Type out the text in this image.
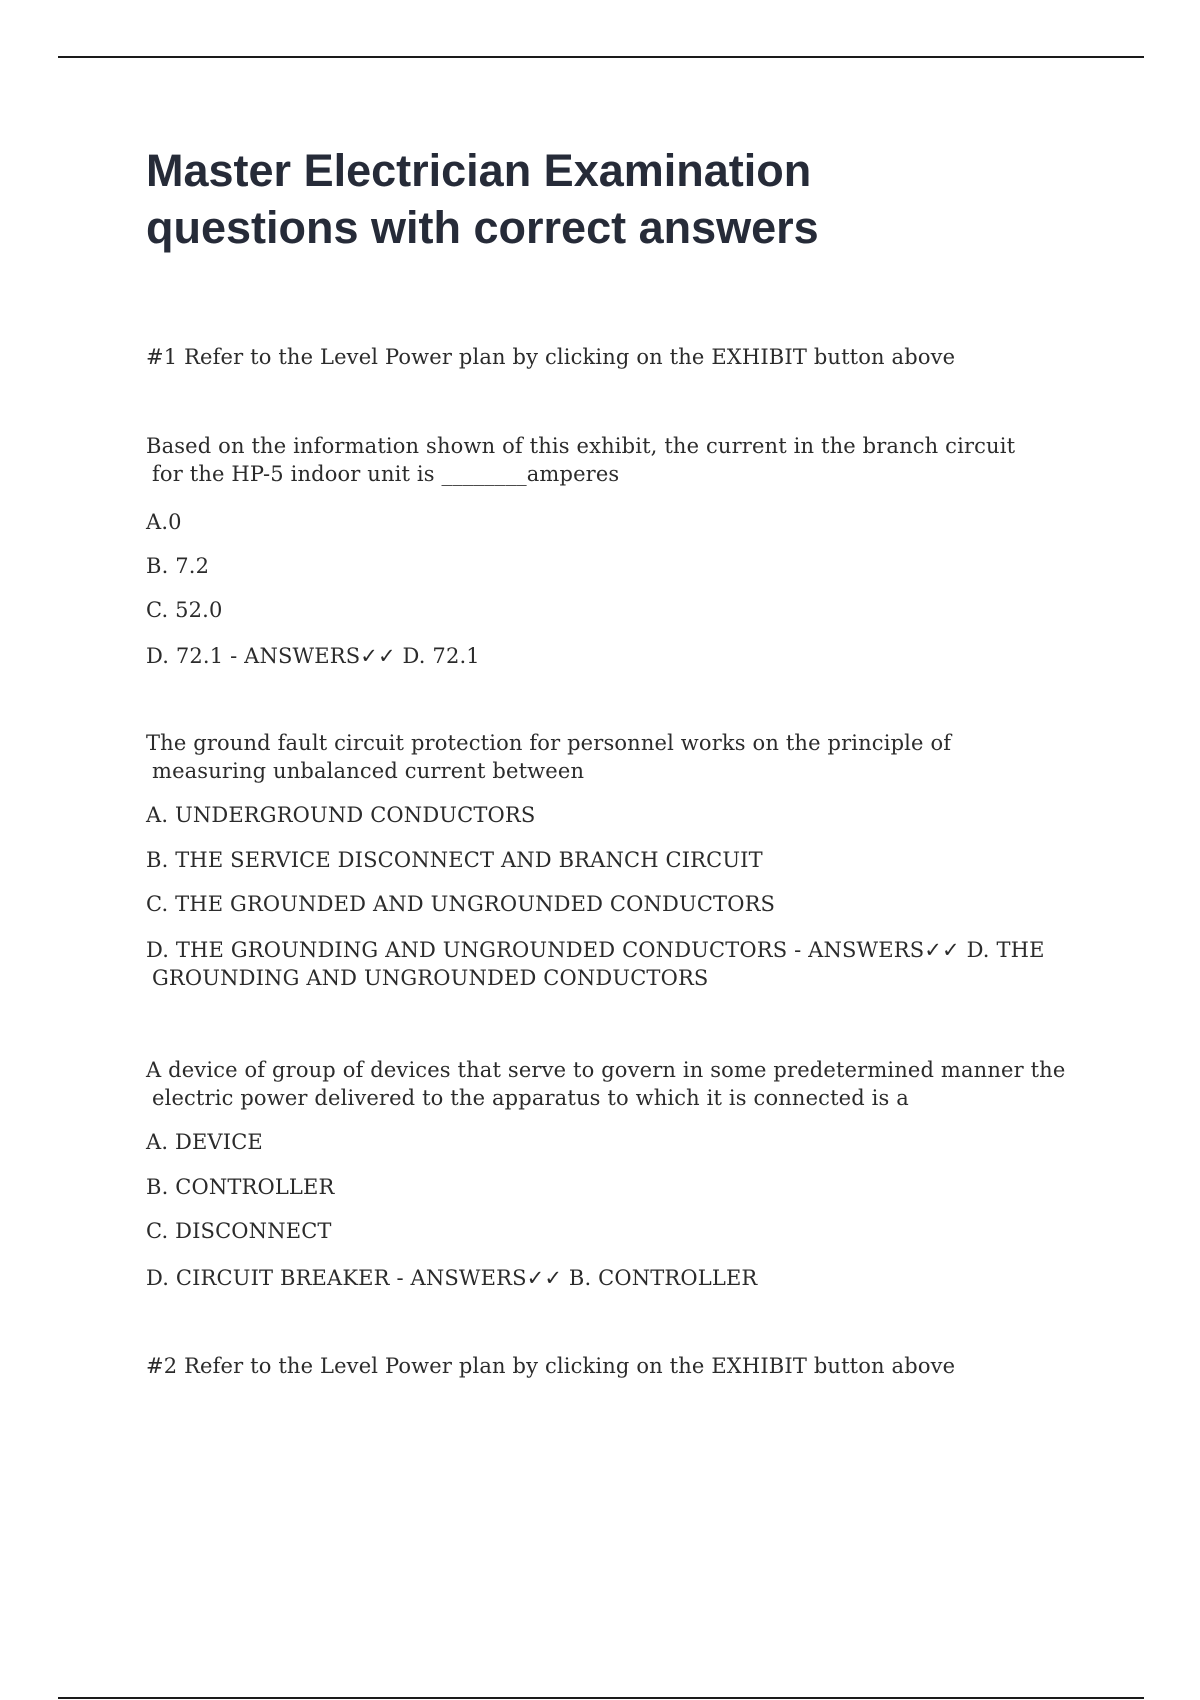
Master Electrician Examination
questions with correct answers

#1 Refer to the Level Power plan by clicking on the EXHIBIT button above

Based on the information shown of this exhibit, the current in the branch circuit
for the HP-5 indoor unit is ________amperes

A.0

B. 7.2

C. 52.0

D. 72.1 - ANSWERS✓✓ D. 72.1

The ground fault circuit protection for personnel works on the principle of
measuring unbalanced current between

A. UNDERGROUND CONDUCTORS

B. THE SERVICE DISCONNECT AND BRANCH CIRCUIT

C. THE GROUNDED AND UNGROUNDED CONDUCTORS

D. THE GROUNDING AND UNGROUNDED CONDUCTORS - ANSWERS✓✓ D. THE
GROUNDING AND UNGROUNDED CONDUCTORS

A device of group of devices that serve to govern in some predetermined manner the
electric power delivered to the apparatus to which it is connected is a

A. DEVICE

B. CONTROLLER

C. DISCONNECT

D. CIRCUIT BREAKER - ANSWERS✓✓ B. CONTROLLER

#2 Refer to the Level Power plan by clicking on the EXHIBIT button above
